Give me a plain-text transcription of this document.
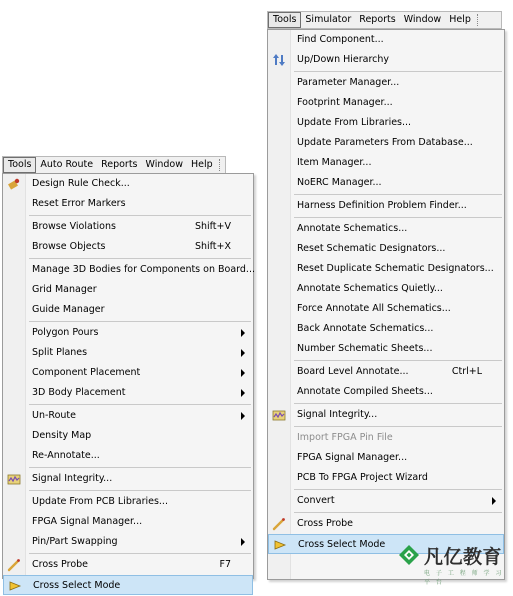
Tools Auto Route Reports Window Help
Design Rule Check...
Reset Error Markers
Browse Violations	Shift+V
Browse Objects	Shift+X
Manage 3D Bodies for Components on Board...
Grid Manager
Guide Manager
Polygon Pours
Split Planes
Component Placement
3D Body Placement
Un-Route
Density Map
Re-Annotate...
Signal Integrity...
Update From PCB Libraries...
FPGA Signal Manager...
Pin/Part Swapping
Cross Probe	F7
Cross Select Mode
Tools Simulator Reports Window Help
Find Component...
Up/Down Hierarchy
Parameter Manager...
Footprint Manager...
Update From Libraries...
Update Parameters From Database...
Item Manager...
NoERC Manager...
Harness Definition Problem Finder...
Annotate Schematics...
Reset Schematic Designators...
Reset Duplicate Schematic Designators...
Annotate Schematics Quietly...
Force Annotate All Schematics...
Back Annotate Schematics...
Number Schematic Sheets...
Board Level Annotate...	Ctrl+L
Annotate Compiled Sheets...
Signal Integrity...
Import FPGA Pin File
FPGA Signal Manager...
PCB To FPGA Project Wizard
Convert
Cross Probe
Cross Select Mode
凡亿教育
电 子 工 程 师 学 习 平 台
